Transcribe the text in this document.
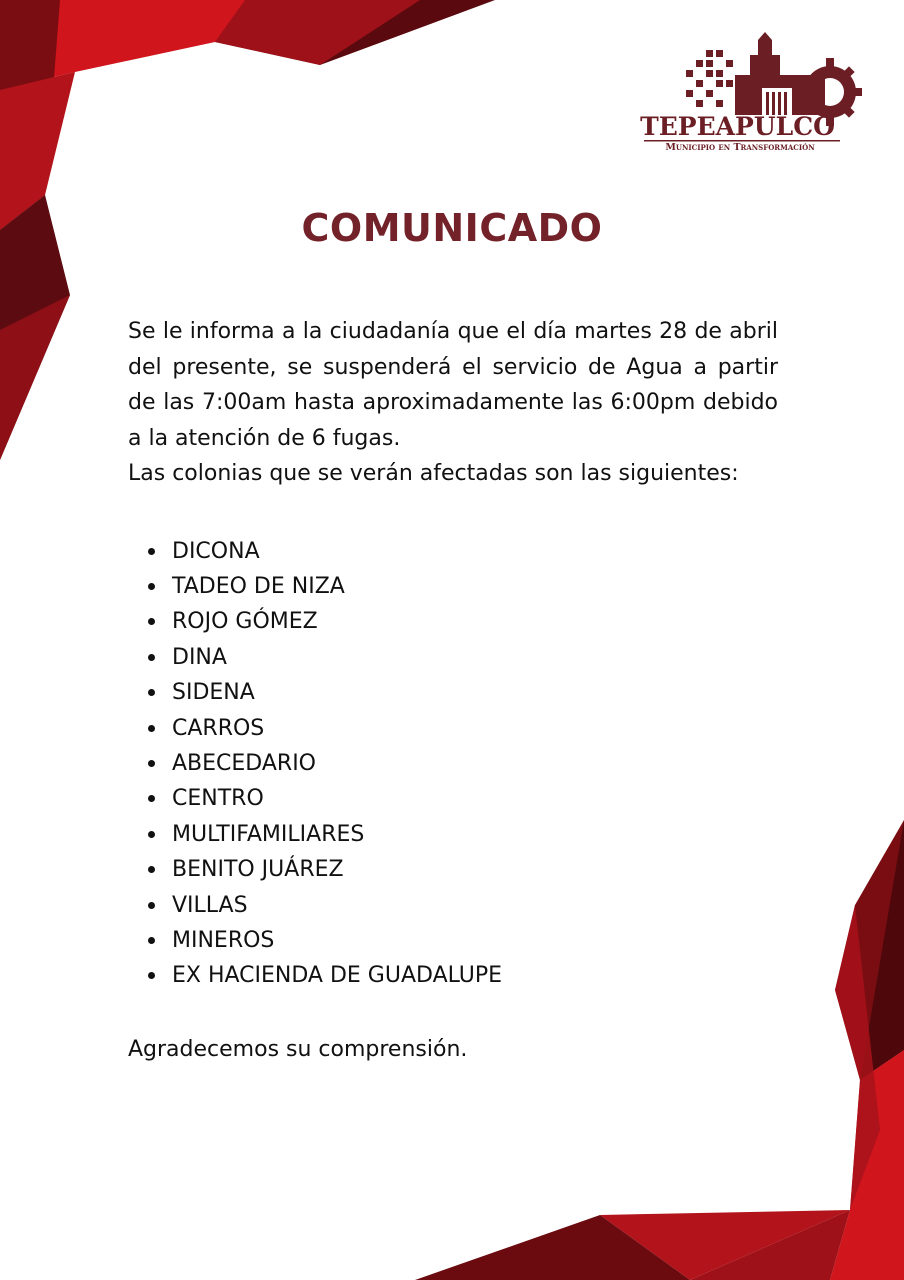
TEPEAPULCO
Municipio en Transformación
COMUNICADO

Se le informa a la ciudadanía que el día martes 28 de abril del presente, se suspenderá el servicio de Agua a partir de las 7:00am hasta aproximadamente las 6:00pm debido a la atención de 6 fugas.

Las colonias que se verán afectadas son las siguientes:

DICONA
TADEO DE NIZA
ROJO GÓMEZ
DINA
SIDENA
CARROS
ABECEDARIO
CENTRO
MULTIFAMILIARES
BENITO JUÁREZ
VILLAS
MINEROS
EX HACIENDA DE GUADALUPE

Agradecemos su comprensión.
